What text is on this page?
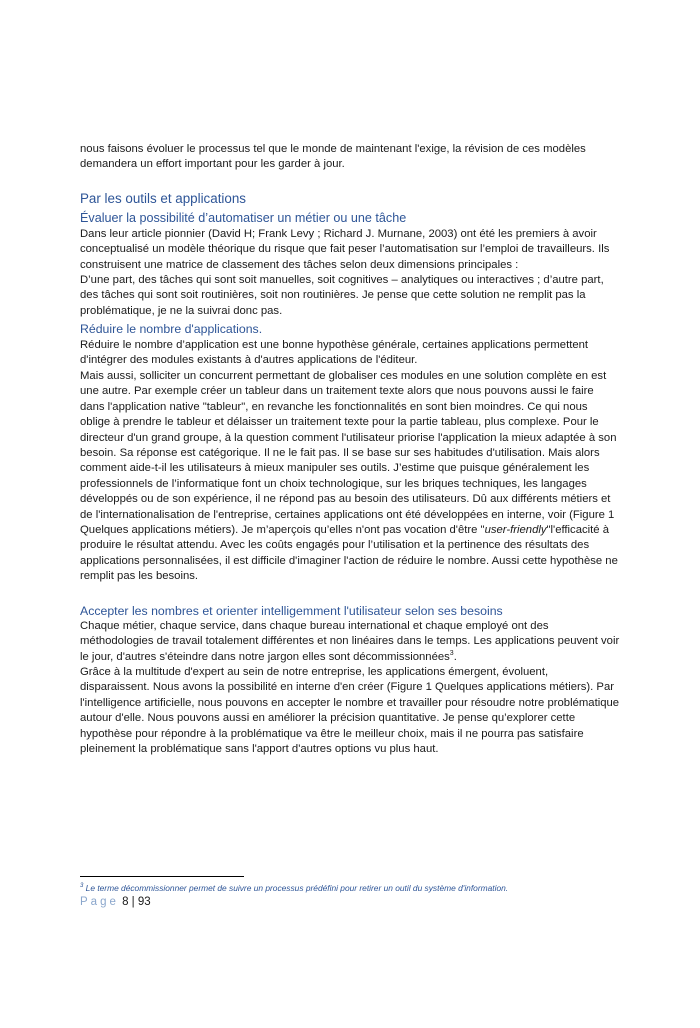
nous faisons évoluer le processus tel que le monde de maintenant l'exige, la révision de ces modèles demandera un effort important pour les garder à jour.

Par les outils et applications
Évaluer la possibilité d’automatiser un métier ou une tâche

Dans leur article pionnier (David H; Frank Levy ; Richard J. Murnane, 2003) ont été les premiers à avoir conceptualisé un modèle théorique du risque que fait peser l’automatisation sur l’emploi de travailleurs. Ils construisent une matrice de classement des tâches selon deux dimensions principales :

D’une part, des tâches qui sont soit manuelles, soit cognitives – analytiques ou interactives ; d’autre part, des tâches qui sont soit routinières, soit non routinières. Je pense que cette solution ne remplit pas la problématique, je ne la suivrai donc pas.

Réduire le nombre d'applications.

Réduire le nombre d’application est une bonne hypothèse générale, certaines applications permettent d'intégrer des modules existants à d'autres applications de l'éditeur.

Mais aussi, solliciter un concurrent permettant de globaliser ces modules en une solution complète en est une autre. Par exemple créer un tableur dans un traitement texte alors que nous pouvons aussi le faire dans l'application native "tableur", en revanche les fonctionnalités en sont bien moindres. Ce qui nous oblige à prendre le tableur et délaisser un traitement texte pour la partie tableau, plus complexe. Pour le directeur d'un grand groupe, à la question comment l'utilisateur priorise l'application la mieux adaptée à son besoin. Sa réponse est catégorique. Il ne le fait pas. Il se base sur ses habitudes d'utilisation. Mais alors comment aide-t-il les utilisateurs à mieux manipuler ses outils. J’estime que puisque généralement les professionnels de l’informatique font un choix technologique, sur les briques techniques, les langages développés ou de son expérience, il ne répond pas au besoin des utilisateurs. Dû aux différents métiers et de l'internationalisation de l'entreprise, certaines applications ont été développées en interne, voir (Figure 1 Quelques applications métiers). Je m’aperçois qu’elles n'ont pas vocation d'être "user-friendly"l'efficacité à produire le résultat attendu. Avec les coûts engagés pour l’utilisation et la pertinence des résultats des applications personnalisées, il est difficile d'imaginer l'action de réduire le nombre. Aussi cette hypothèse ne remplit pas les besoins.

Accepter les nombres et orienter intelligemment l'utilisateur selon ses besoins

Chaque métier, chaque service, dans chaque bureau international et chaque employé ont des méthodologies de travail totalement différentes et non linéaires dans le temps. Les applications peuvent voir le jour, d'autres s'éteindre dans notre jargon elles sont décommissionnées$^3$.

Grâce à la multitude d'expert au sein de notre entreprise, les applications émergent, évoluent, disparaissent. Nous avons la possibilité en interne d'en créer (Figure 1 Quelques applications métiers). Par l'intelligence artificielle, nous pouvons en accepter le nombre et travailler pour résoudre notre problématique autour d'elle. Nous pouvons aussi en améliorer la précision quantitative. Je pense qu’explorer cette hypothèse pour répondre à la problématique va être le meilleur choix, mais il ne pourra pas satisfaire pleinement la problématique sans l'apport d'autres options vu plus haut.

$^3$ Le terme décommissionner permet de suivre un processus prédéfini pour retirer un outil du système d'information.
Page 8 | 93
